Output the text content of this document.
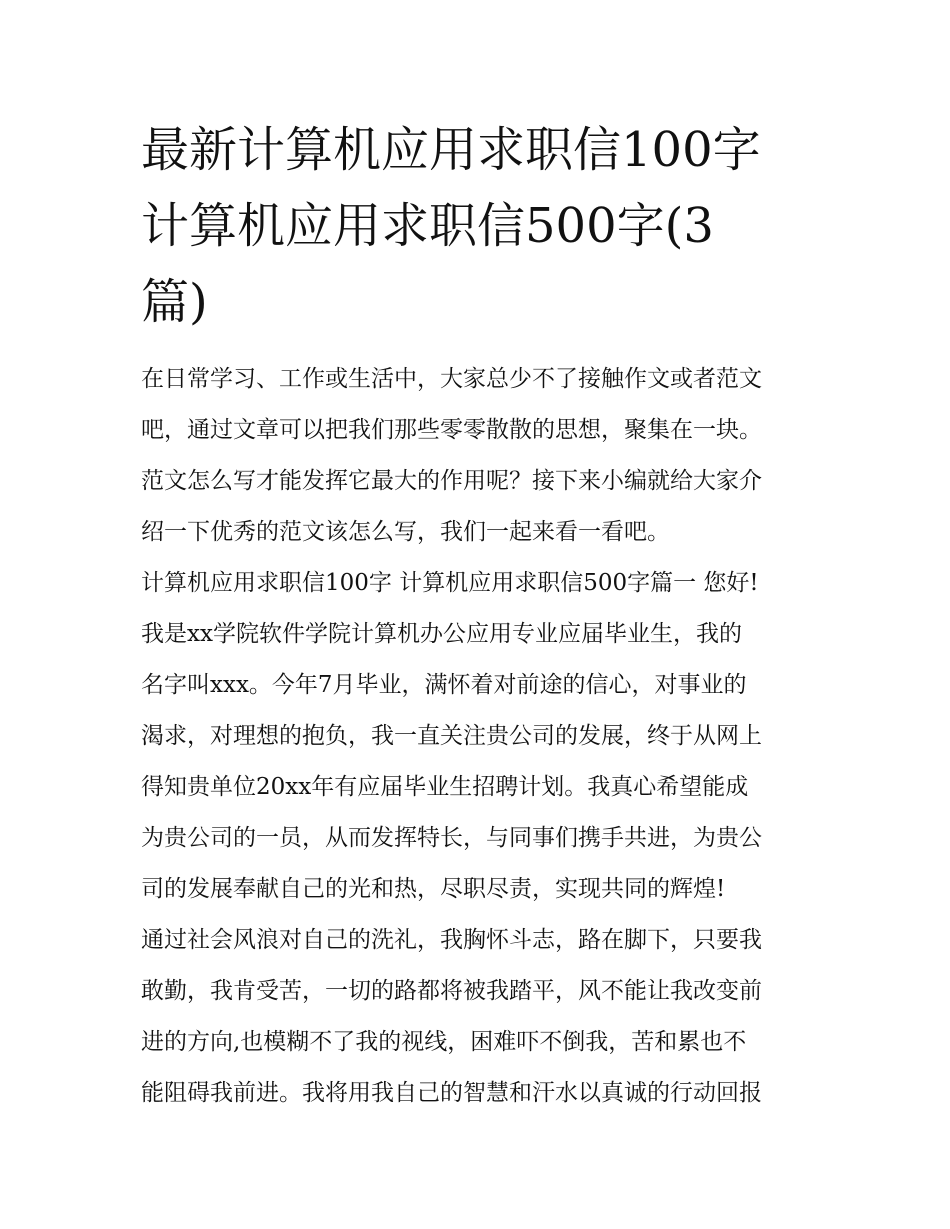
最新计算机应用求职信100字
计算机应用求职信500字(3
篇)

在日常学习、工作或生活中，大家总少不了接触作文或者范文
吧，通过文章可以把我们那些零零散散的思想，聚集在一块。
范文怎么写才能发挥它最大的作用呢？接下来小编就给大家介
绍一下优秀的范文该怎么写，我们一起来看一看吧。

计算机应用求职信100字 计算机应用求职信500字篇一 您好!
我是xx学院软件学院计算机办公应用专业应届毕业生，我的
名字叫xxx。今年7月毕业，满怀着对前途的信心，对事业的
渴求，对理想的抱负，我一直关注贵公司的发展，终于从网上
得知贵单位20xx年有应届毕业生招聘计划。我真心希望能成
为贵公司的一员，从而发挥特长，与同事们携手共进，为贵公
司的发展奉献自己的光和热，尽职尽责，实现共同的辉煌!

通过社会风浪对自己的洗礼，我胸怀斗志，路在脚下，只要我
敢勤，我肯受苦，一切的路都将被我踏平，风不能让我改变前
进的方向,也模糊不了我的视线，困难吓不倒我，苦和累也不
能阻碍我前进。我将用我自己的智慧和汗水以真诚的行动回报
